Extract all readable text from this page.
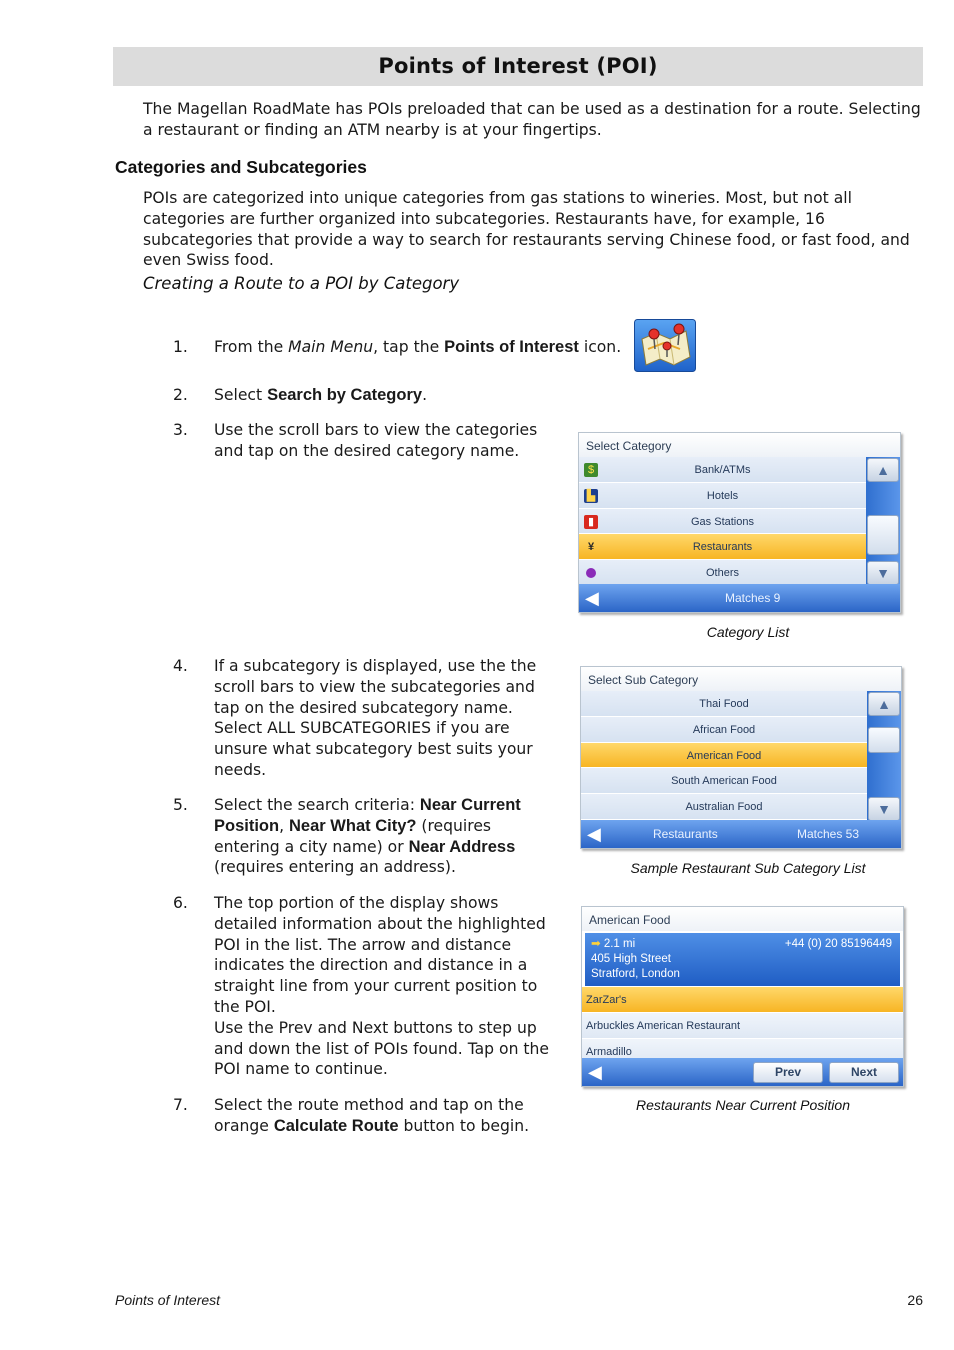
Points of Interest (POI)
The Magellan RoadMate has POIs preloaded that can be used as a destination for a route. Selecting a restaurant or finding an ATM nearby is at your fingertips.
Categories and Subcategories
POIs are categorized into unique categories from gas stations to wineries. Most, but not all categories are further organized into subcategories. Restaurants have, for example, 16 subcategories that provide a way to search for restaurants serving Chinese food, or fast food, and even Swiss food.
Creating a Route to a POI by Category
1. From the Main Menu, tap the Points of Interest icon.
2. Select Search by Category.
3. Use the scroll bars to view the categories and tap on the desired category name.	Select Category
$	Bank/ATMs
▙	Hotels
▮	Gas Stations
¥	Restaurants
Others
▲
▼
◀	Matches 9
Category List
4. If a subcategory is displayed, use the the scroll bars to view the subcategories and tap on the desired subcategory name. Select ALL SUBCATEGORIES if you are unsure what subcategory best suits your needs.
Select Sub Category
Thai Food
African Food
American Food
South American Food
Australian Food
▲
▼
◀	Restaurants	Matches 53
Sample Restaurant Sub Category List
5. Select the search criteria: Near Current Position, Near What City? (requires entering a city name) or Near Address (requires entering an address).
6. The top portion of the display shows detailed information about the highlighted POI in the list. The arrow and distance indicates the direction and distance in a straight line from your current position to the POI.
Use the Prev and Next buttons to step up and down the list of POIs found. Tap on the POI name to continue.
American Food
➡ 2.1 mi	+44 (0) 20 85196449
405 High Street
Stratford, London
ZarZar's
Arbuckles American Restaurant
Armadillo
◀	Prev	Next
Restaurants Near Current Position
7. Select the route method and tap on the orange Calculate Route button to begin.
Points of Interest	26
